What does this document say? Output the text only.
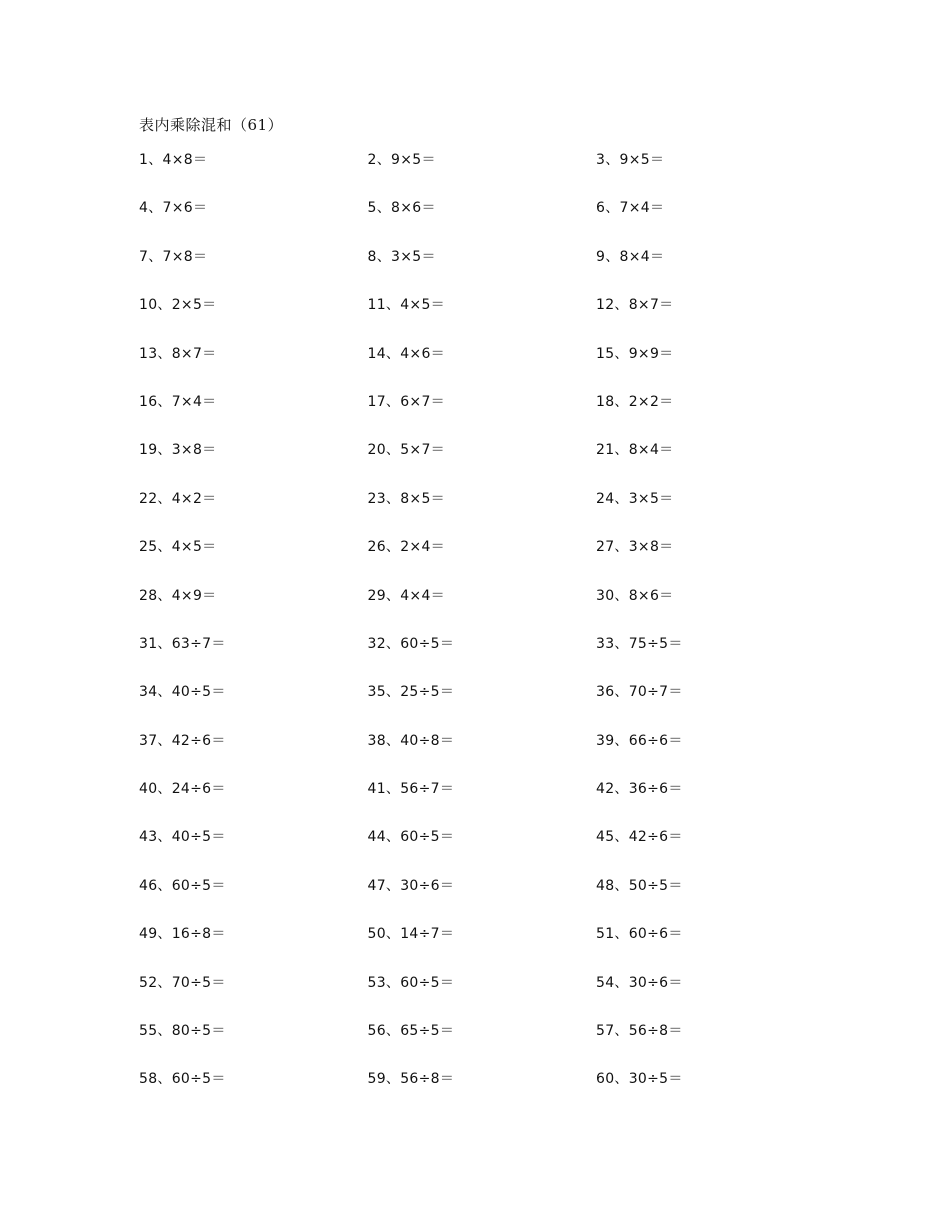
表内乘除混和（61）
1、4×8＝	2、9×5＝	3、9×5＝
4、7×6＝	5、8×6＝	6、7×4＝
7、7×8＝	8、3×5＝	9、8×4＝
10、2×5＝	11、4×5＝	12、8×7＝
13、8×7＝	14、4×6＝	15、9×9＝
16、7×4＝	17、6×7＝	18、2×2＝
19、3×8＝	20、5×7＝	21、8×4＝
22、4×2＝	23、8×5＝	24、3×5＝
25、4×5＝	26、2×4＝	27、3×8＝
28、4×9＝	29、4×4＝	30、8×6＝
31、63÷7＝	32、60÷5＝	33、75÷5＝
34、40÷5＝	35、25÷5＝	36、70÷7＝
37、42÷6＝	38、40÷8＝	39、66÷6＝
40、24÷6＝	41、56÷7＝	42、36÷6＝
43、40÷5＝	44、60÷5＝	45、42÷6＝
46、60÷5＝	47、30÷6＝	48、50÷5＝
49、16÷8＝	50、14÷7＝	51、60÷6＝
52、70÷5＝	53、60÷5＝	54、30÷6＝
55、80÷5＝	56、65÷5＝	57、56÷8＝
58、60÷5＝	59、56÷8＝	60、30÷5＝
